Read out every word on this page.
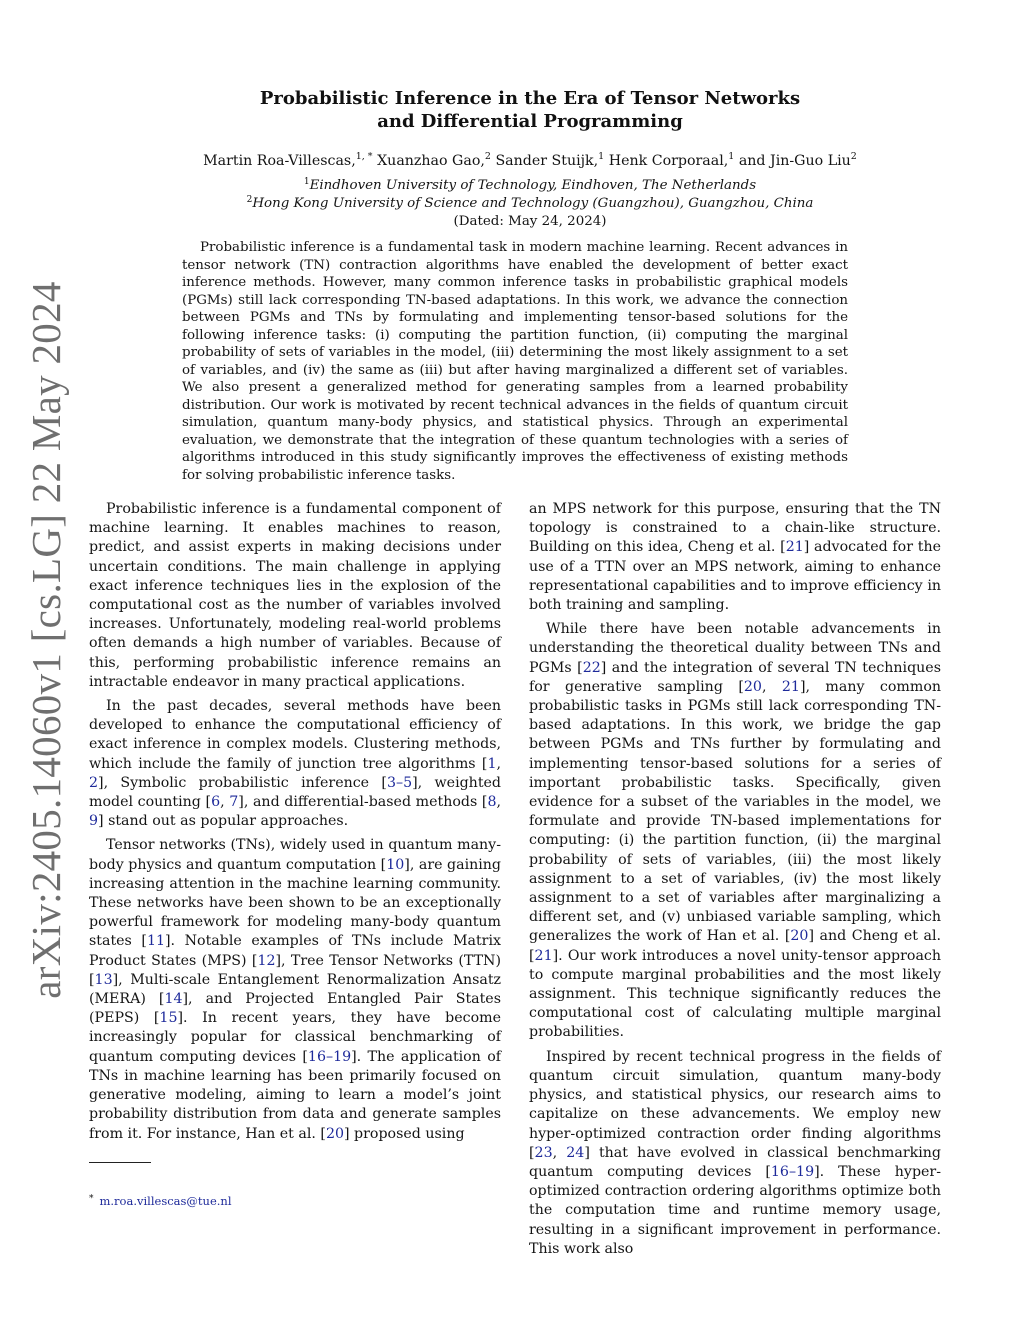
arXiv:2405.14060v1 [cs.LG] 22 May 2024
Probabilistic Inference in the Era of Tensor Networks
and Differential Programming
Martin Roa-Villescas,$^{1, *}$ Xuanzhao Gao,$^2$ Sander Stuijk,$^1$ Henk Corporaal,$^1$ and Jin-Guo Liu$^2$
$^1$Eindhoven University of Technology, Eindhoven, The Netherlands
$^2$Hong Kong University of Science and Technology (Guangzhou), Guangzhou, China
(Dated: May 24, 2024)

Probabilistic inference is a fundamental task in modern machine learning. Recent advances in tensor network (TN) contraction algorithms have enabled the development of better exact inference methods. However, many common inference tasks in probabilistic graphical models (PGMs) still lack corresponding TN-based adaptations. In this work, we advance the connection between PGMs and TNs by formulating and implementing tensor-based solutions for the following inference tasks: (i) computing the partition function, (ii) computing the marginal probability of sets of variables in the model, (iii) determining the most likely assignment to a set of variables, and (iv) the same as (iii) but after having marginalized a different set of variables. We also present a generalized method for generating samples from a learned probability distribution. Our work is motivated by recent technical advances in the fields of quantum circuit simulation, quantum many-body physics, and statistical physics. Through an experimental evaluation, we demonstrate that the integration of these quantum technologies with a series of algorithms introduced in this study significantly improves the effectiveness of existing methods for solving probabilistic inference tasks.

Probabilistic inference is a fundamental component of machine learning. It enables machines to reason, predict, and assist experts in making decisions under uncertain conditions. The main challenge in applying exact inference techniques lies in the explosion of the computational cost as the number of variables involved increases. Unfortunately, modeling real-world problems often demands a high number of variables. Because of this, performing probabilistic inference remains an intractable endeavor in many practical applications.

In the past decades, several methods have been developed to enhance the computational efficiency of exact inference in complex models. Clustering methods, which include the family of junction tree algorithms [1, 2], Symbolic probabilistic inference [3–5], weighted model counting [6, 7], and differential-based methods [8, 9] stand out as popular approaches.

Tensor networks (TNs), widely used in quantum many-body physics and quantum computation [10], are gaining increasing attention in the machine learning community. These networks have been shown to be an exceptionally powerful framework for modeling many-body quantum states [11]. Notable examples of TNs include Matrix Product States (MPS) [12], Tree Tensor Networks (TTN) [13], Multi-scale Entanglement Renormalization Ansatz (MERA) [14], and Projected Entangled Pair States (PEPS) [15]. In recent years, they have become increasingly popular for classical benchmarking of quantum computing devices [16–19]. The application of TNs in machine learning has been primarily focused on generative modeling, aiming to learn a model’s joint probability distribution from data and generate samples from it. For instance, Han et al. [20] proposed using

an MPS network for this purpose, ensuring that the TN topology is constrained to a chain-like structure. Building on this idea, Cheng et al. [21] advocated for the use of a TTN over an MPS network, aiming to enhance representational capabilities and to improve efficiency in both training and sampling.

While there have been notable advancements in understanding the theoretical duality between TNs and PGMs [22] and the integration of several TN techniques for generative sampling [20, 21], many common probabilistic tasks in PGMs still lack corresponding TN-based adaptations. In this work, we bridge the gap between PGMs and TNs further by formulating and implementing tensor-based solutions for a series of important probabilistic tasks. Specifically, given evidence for a subset of the variables in the model, we formulate and provide TN-based implementations for computing: (i) the partition function, (ii) the marginal probability of sets of variables, (iii) the most likely assignment to a set of variables, (iv) the most likely assignment to a set of variables after marginalizing a different set, and (v) unbiased variable sampling, which generalizes the work of Han et al. [20] and Cheng et al. [21]. Our work introduces a novel unity-tensor approach to compute marginal probabilities and the most likely assignment. This technique significantly reduces the computational cost of calculating multiple marginal probabilities.

Inspired by recent technical progress in the fields of quantum circuit simulation, quantum many-body physics, and statistical physics, our research aims to capitalize on these advancements. We employ new hyper-optimized contraction order finding algorithms [23, 24] that have evolved in classical benchmarking quantum computing devices [16–19]. These hyper-optimized contraction ordering algorithms optimize both the computation time and runtime memory usage, resulting in a significant improvement in performance. This work also

* m.roa.villescas@tue.nl
